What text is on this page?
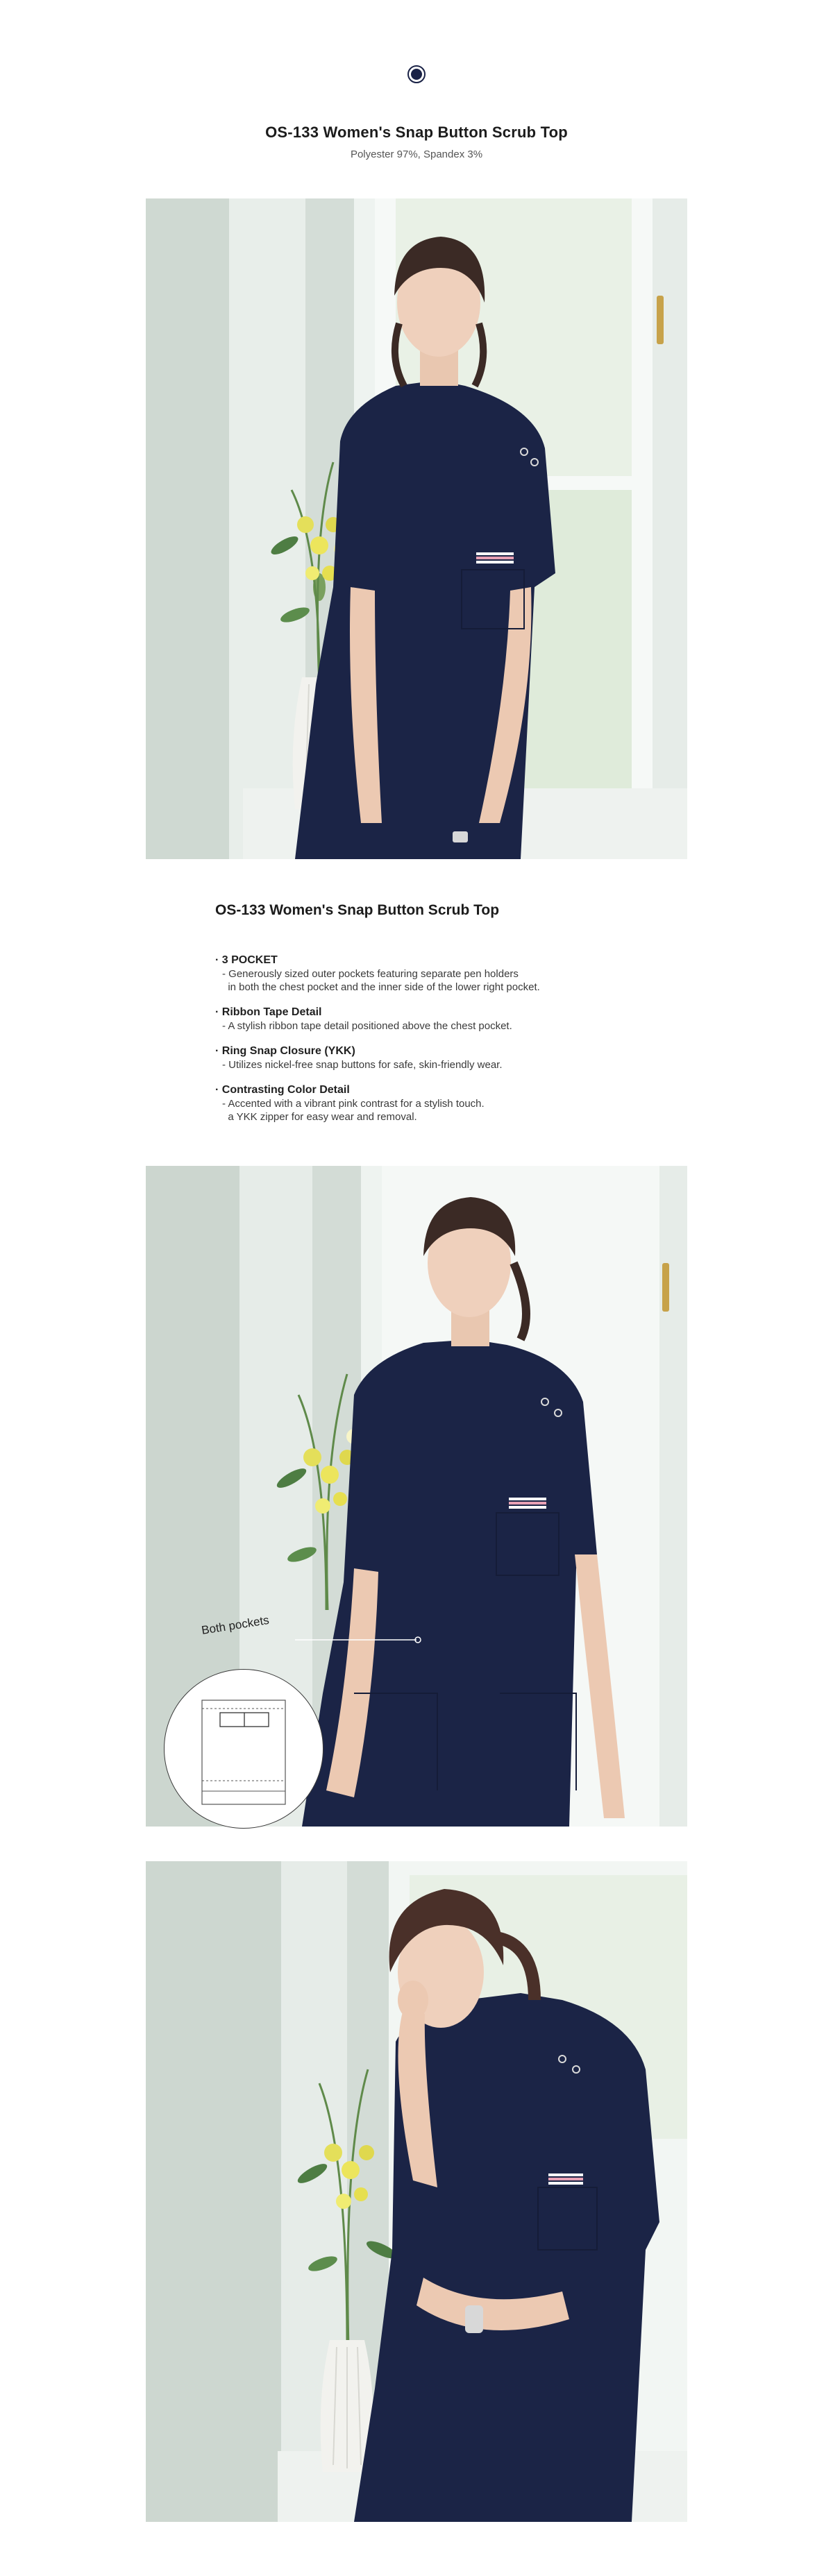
OS-133 Women's Snap Button Scrub Top
Polyester 97%, Spandex 3%
OS-133 Women's Snap Button Scrub Top
· 3 POCKET
- Generously sized outer pockets featuring separate pen holders
in both the chest pocket and the inner side of the lower right pocket.
· Ribbon Tape Detail
- A stylish ribbon tape detail positioned above the chest pocket.
· Ring Snap Closure (YKK)
- Utilizes nickel-free snap buttons for safe, skin-friendly wear.
· Contrasting Color Detail
- Accented with a vibrant pink contrast for a stylish touch.
a YKK zipper for easy wear and removal.
Both pockets
